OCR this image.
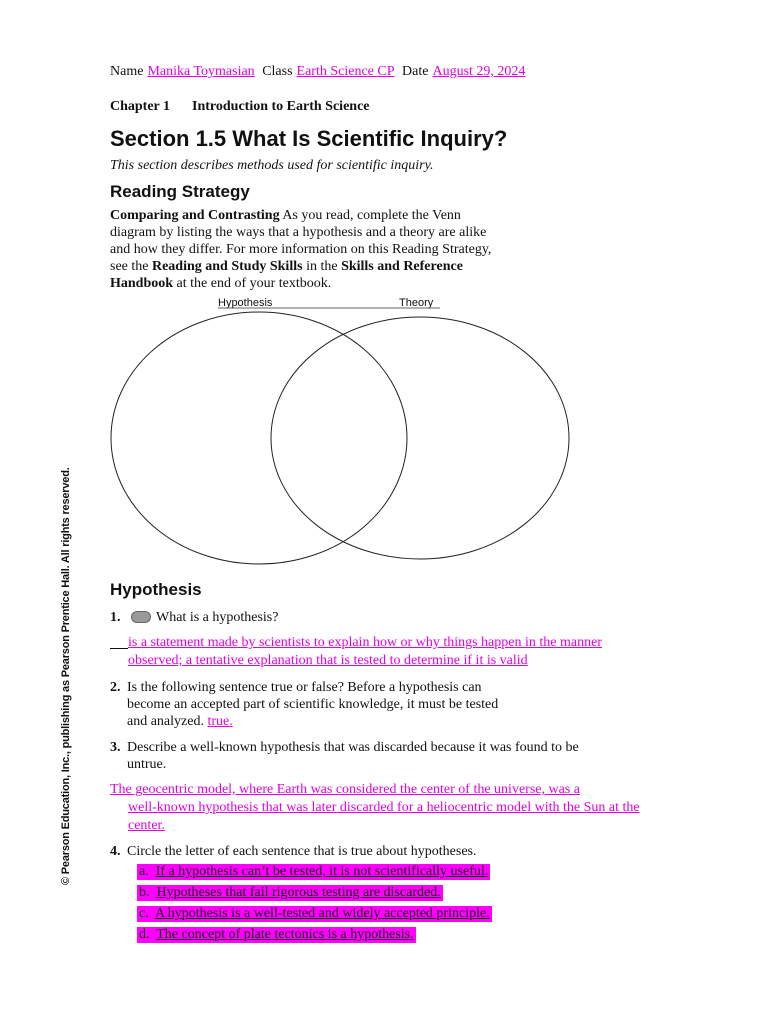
Name Manika Toymasian Class Earth Science CP Date August 29, 2024
Chapter 1 Introduction to Earth Science
Section 1.5 What Is Scientific Inquiry?
This section describes methods used for scientific inquiry.
Reading Strategy
Comparing and Contrasting As you read, complete the Venn diagram by listing the ways that a hypothesis and a theory are alike and how they differ. For more information on this Reading Strategy, see the Reading and Study Skills in the Skills and Reference Handbook at the end of your textbook.
Hypothesis	Theory
Hypothesis
1.	What is a hypothesis?
is a statement made by scientists to explain how or why things happen in the manner
observed; a tentative explanation that is tested to determine if it is valid
2. Is the following sentence true or false? Before a hypothesis can become an accepted part of scientific knowledge, it must be tested and analyzed. true.
3. Describe a well-known hypothesis that was discarded because it was found to be untrue.
The geocentric model, where Earth was considered the center of the universe, was a
well-known hypothesis that was later discarded for a heliocentric model with the Sun at the
center.
4. Circle the letter of each sentence that is true about hypotheses.
a. If a hypothesis can’t be tested, it is not scientifically useful.
b. Hypotheses that fail rigorous testing are discarded.
c. A hypothesis is a well-tested and widely accepted principle.
d. The concept of plate tectonics is a hypothesis.
© Pearson Education, Inc., publishing as Pearson Prentice Hall. All rights reserved.
